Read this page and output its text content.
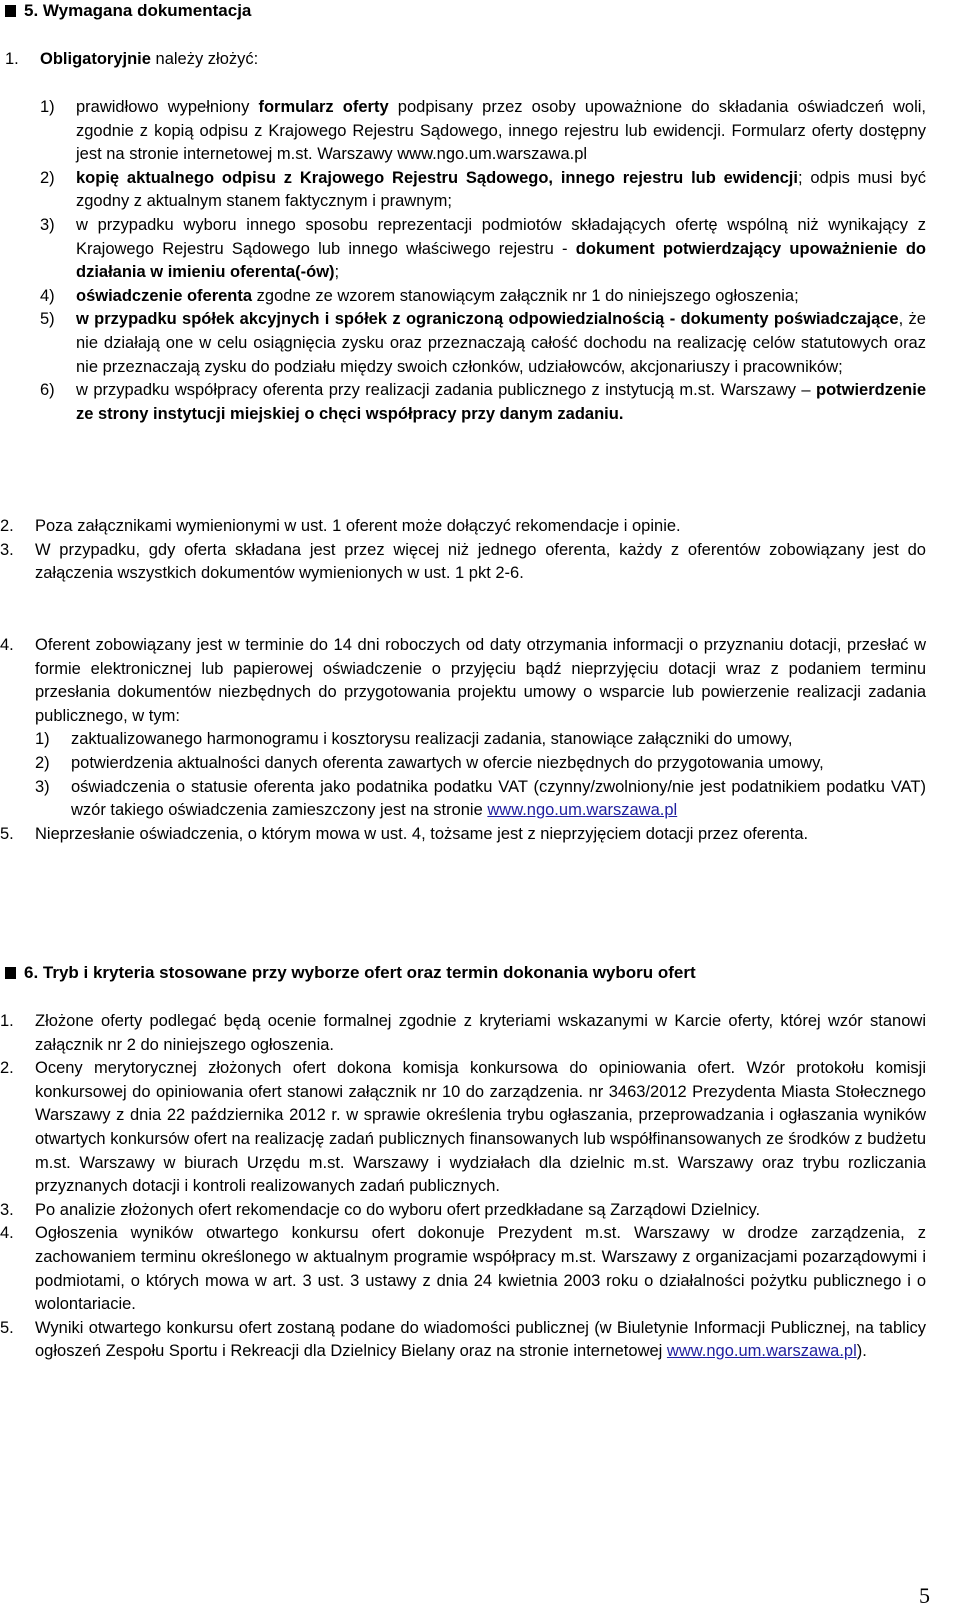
5. Wymagana dokumentacja
1.	Obligatoryjnie należy złożyć:
1)	prawidłowo wypełniony formularz oferty podpisany przez osoby upoważnione do składania oświadczeń woli, zgodnie z kopią odpisu z Krajowego Rejestru Sądowego, innego rejestru lub ewidencji. Formularz oferty dostępny jest na stronie internetowej m.st. Warszawy www.ngo.um.warszawa.pl
2)	kopię aktualnego odpisu z Krajowego Rejestru Sądowego, innego rejestru lub ewidencji; odpis musi być zgodny z aktualnym stanem faktycznym i prawnym;
3)	w przypadku wyboru innego sposobu reprezentacji podmiotów składających ofertę wspólną niż wynikający z Krajowego Rejestru Sądowego lub innego właściwego rejestru - dokument potwierdzający upoważnienie do działania w imieniu oferenta(-ów);
4)	oświadczenie oferenta zgodne ze wzorem stanowiącym załącznik nr 1 do niniejszego ogłoszenia;
5)	w przypadku spółek akcyjnych i spółek z ograniczoną odpowiedzialnością - dokumenty poświadczające, że nie działają one w celu osiągnięcia zysku oraz przeznaczają całość dochodu na realizację celów statutowych oraz nie przeznaczają zysku do podziału między swoich członków, udziałowców, akcjonariuszy i pracowników;
6)	w przypadku współpracy oferenta przy realizacji zadania publicznego z instytucją m.st. Warszawy – potwierdzenie ze strony instytucji miejskiej o chęci współpracy przy danym zadaniu.
2.	Poza załącznikami wymienionymi w ust. 1 oferent może dołączyć rekomendacje i opinie.
3.	W przypadku, gdy oferta składana jest przez więcej niż jednego oferenta, każdy z oferentów zobowiązany jest do załączenia wszystkich dokumentów wymienionych w ust. 1 pkt 2-6.
4.	Oferent zobowiązany jest w terminie do 14 dni roboczych od daty otrzymania informacji o przyznaniu dotacji, przesłać w formie elektronicznej lub papierowej oświadczenie o przyjęciu bądź nieprzyjęciu dotacji wraz z podaniem terminu przesłania dokumentów niezbędnych do przygotowania projektu umowy o wsparcie lub powierzenie realizacji zadania publicznego, w tym:
1)	zaktualizowanego harmonogramu i kosztorysu realizacji zadania, stanowiące załączniki do umowy,
2)	potwierdzenia aktualności danych oferenta zawartych w ofercie niezbędnych do przygotowania umowy,
3)	oświadczenia o statusie oferenta jako podatnika podatku VAT (czynny/zwolniony/nie jest podatnikiem podatku VAT) wzór takiego oświadczenia zamieszczony jest na stronie www.ngo.um.warszawa.pl
5.	Nieprzesłanie oświadczenia, o którym mowa w ust. 4, tożsame jest z nieprzyjęciem dotacji przez oferenta.
6. Tryb i kryteria stosowane przy wyborze ofert oraz termin dokonania wyboru ofert
1.	Złożone oferty podlegać będą ocenie formalnej zgodnie z kryteriami wskazanymi w Karcie oferty, której wzór stanowi załącznik nr 2 do niniejszego ogłoszenia.
2.	Oceny merytorycznej złożonych ofert dokona komisja konkursowa do opiniowania ofert. Wzór protokołu komisji konkursowej do opiniowania ofert stanowi załącznik nr 10 do zarządzenia. nr 3463/2012 Prezydenta Miasta Stołecznego Warszawy z dnia 22 października 2012 r. w sprawie określenia trybu ogłaszania, przeprowadzania i ogłaszania wyników otwartych konkursów ofert na realizację zadań publicznych finansowanych lub współfinansowanych ze środków z budżetu m.st. Warszawy w biurach Urzędu m.st. Warszawy i wydziałach dla dzielnic m.st. Warszawy oraz trybu rozliczania przyznanych dotacji i kontroli realizowanych zadań publicznych.
3.	Po analizie złożonych ofert rekomendacje co do wyboru ofert przedkładane są Zarządowi Dzielnicy.
4.	Ogłoszenia wyników otwartego konkursu ofert dokonuje Prezydent m.st. Warszawy w drodze zarządzenia, z zachowaniem terminu określonego w aktualnym programie współpracy m.st. Warszawy z organizacjami pozarządowymi i podmiotami, o których mowa w art. 3 ust. 3 ustawy z dnia 24 kwietnia 2003 roku o działalności pożytku publicznego i o wolontariacie.
5.	Wyniki otwartego konkursu ofert zostaną podane do wiadomości publicznej (w Biuletynie Informacji Publicznej, na tablicy ogłoszeń Zespołu Sportu i Rekreacji dla Dzielnicy Bielany oraz na stronie internetowej www.ngo.um.warszawa.pl).
5
